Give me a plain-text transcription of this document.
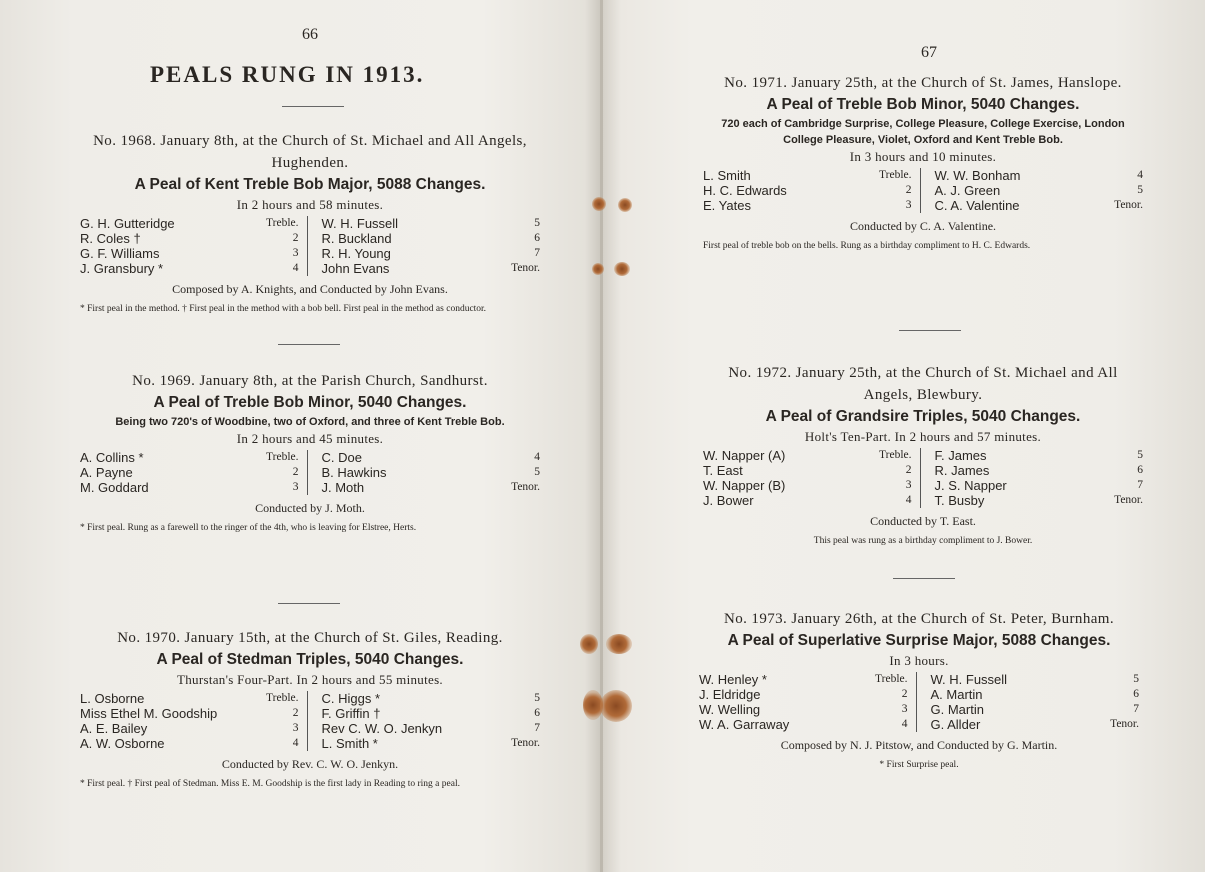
66
PEALS RUNG IN 1913.
No. 1968. January 8th, at the Church of St. Michael and All Angels, Hughenden.
A Peal of Kent Treble Bob Major, 5088 Changes.
In 2 hours and 58 minutes.
G. H. Gutteridge	Treble.
R. Coles †	2
G. F. Williams	3
J. Gransbury *	4
W. H. Fussell	5
R. Buckland	6
R. H. Young	7
John Evans	Tenor.
Composed by A. Knights, and Conducted by John Evans.
* First peal in the method. † First peal in the method with a bob bell. First peal in the method as conductor.
No. 1969. January 8th, at the Parish Church, Sandhurst.
A Peal of Treble Bob Minor, 5040 Changes.
Being two 720's of Woodbine, two of Oxford, and three of Kent Treble Bob.
In 2 hours and 45 minutes.
A. Collins *	Treble.
A. Payne	2
M. Goddard	3
C. Doe	4
B. Hawkins	5
J. Moth	Tenor.
Conducted by J. Moth.
* First peal. Rung as a farewell to the ringer of the 4th, who is leaving for Elstree, Herts.
No. 1970. January 15th, at the Church of St. Giles, Reading.
A Peal of Stedman Triples, 5040 Changes.
Thurstan's Four-Part. In 2 hours and 55 minutes.
L. Osborne	Treble.
Miss Ethel M. Goodship	2
A. E. Bailey	3
A. W. Osborne	4
C. Higgs *	5
F. Griffin †	6
Rev C. W. O. Jenkyn	7
L. Smith *	Tenor.
Conducted by Rev. C. W. O. Jenkyn.
* First peal. † First peal of Stedman. Miss E. M. Goodship is the first lady in Reading to ring a peal.
67
No. 1971. January 25th, at the Church of St. James, Hanslope.
A Peal of Treble Bob Minor, 5040 Changes.
720 each of Cambridge Surprise, College Pleasure, College Exercise, London College Pleasure, Violet, Oxford and Kent Treble Bob.
In 3 hours and 10 minutes.
L. Smith	Treble.
H. C. Edwards	2
E. Yates	3
W. W. Bonham	4
A. J. Green	5
C. A. Valentine	Tenor.
Conducted by C. A. Valentine.
First peal of treble bob on the bells. Rung as a birthday compliment to H. C. Edwards.
No. 1972. January 25th, at the Church of St. Michael and All Angels, Blewbury.
A Peal of Grandsire Triples, 5040 Changes.
Holt's Ten-Part. In 2 hours and 57 minutes.
W. Napper (A)	Treble.
T. East	2
W. Napper (B)	3
J. Bower	4
F. James	5
R. James	6
J. S. Napper	7
T. Busby	Tenor.
Conducted by T. East.
This peal was rung as a birthday compliment to J. Bower.
No. 1973. January 26th, at the Church of St. Peter, Burnham.
A Peal of Superlative Surprise Major, 5088 Changes.
In 3 hours.
W. Henley *	Treble.
J. Eldridge	2
W. Welling	3
W. A. Garraway	4
W. H. Fussell	5
A. Martin	6
G. Martin	7
G. Allder	Tenor.
Composed by N. J. Pitstow, and Conducted by G. Martin.
* First Surprise peal.
